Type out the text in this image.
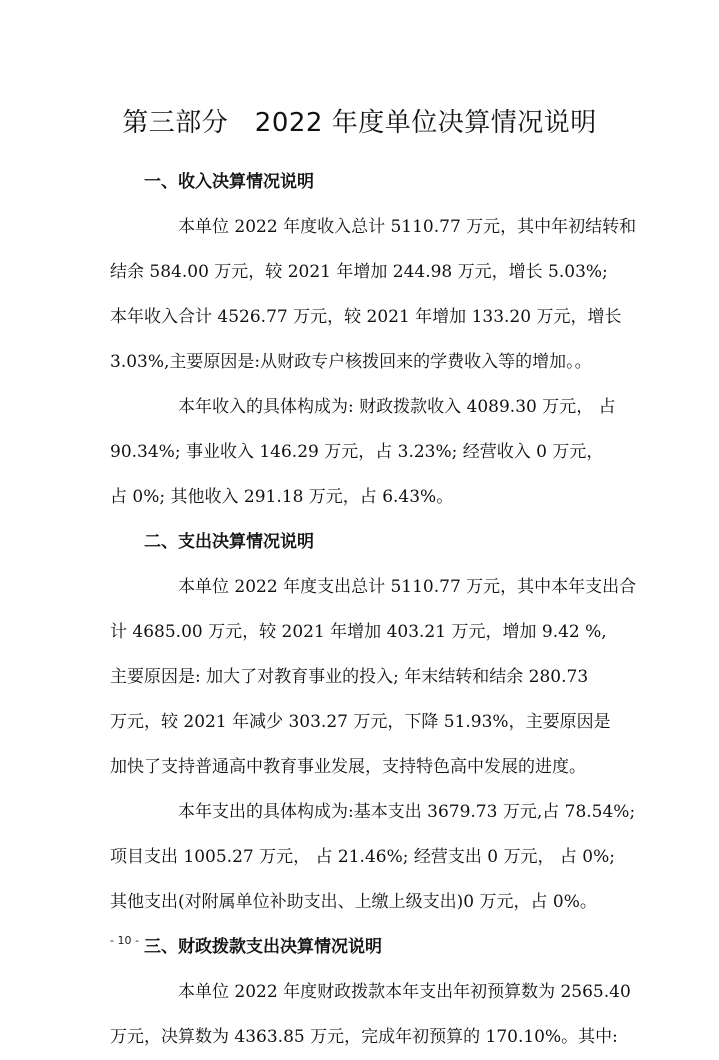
第三部分　2022 年度单位决算情况说明
一、收入决算情况说明
本单位 2022 年度收入总计 5110.77 万元，其中年初结转和
结余 584.00 万元，较 2021 年增加 244.98 万元，增长 5.03%;
本年收入合计 4526.77 万元，较 2021 年增加 133.20 万元，增长
3.03%,主要原因是:从财政专户核拨回来的学费收入等的增加。。
本年收入的具体构成为: 财政拨款收入 4089.30 万元， 占
90.34%; 事业收入 146.29 万元，占 3.23%; 经营收入 0 万元，
占 0%; 其他收入 291.18 万元，占 6.43%。
二、支出决算情况说明
本单位 2022 年度支出总计 5110.77 万元，其中本年支出合
计 4685.00 万元，较 2021 年增加 403.21 万元，增加 9.42 %,
主要原因是: 加大了对教育事业的投入; 年末结转和结余 280.73
万元，较 2021 年减少 303.27 万元，下降 51.93%，主要原因是
加快了支持普通高中教育事业发展，支持特色高中发展的进度。
本年支出的具体构成为:基本支出 3679.73 万元,占 78.54%;
项目支出 1005.27 万元， 占 21.46%; 经营支出 0 万元， 占 0%;
其他支出(对附属单位补助支出、上缴上级支出)0 万元，占 0%。
三、财政拨款支出决算情况说明
本单位 2022 年度财政拨款本年支出年初预算数为 2565.40
万元，决算数为 4363.85 万元，完成年初预算的 170.10%。其中:
- 10 -
